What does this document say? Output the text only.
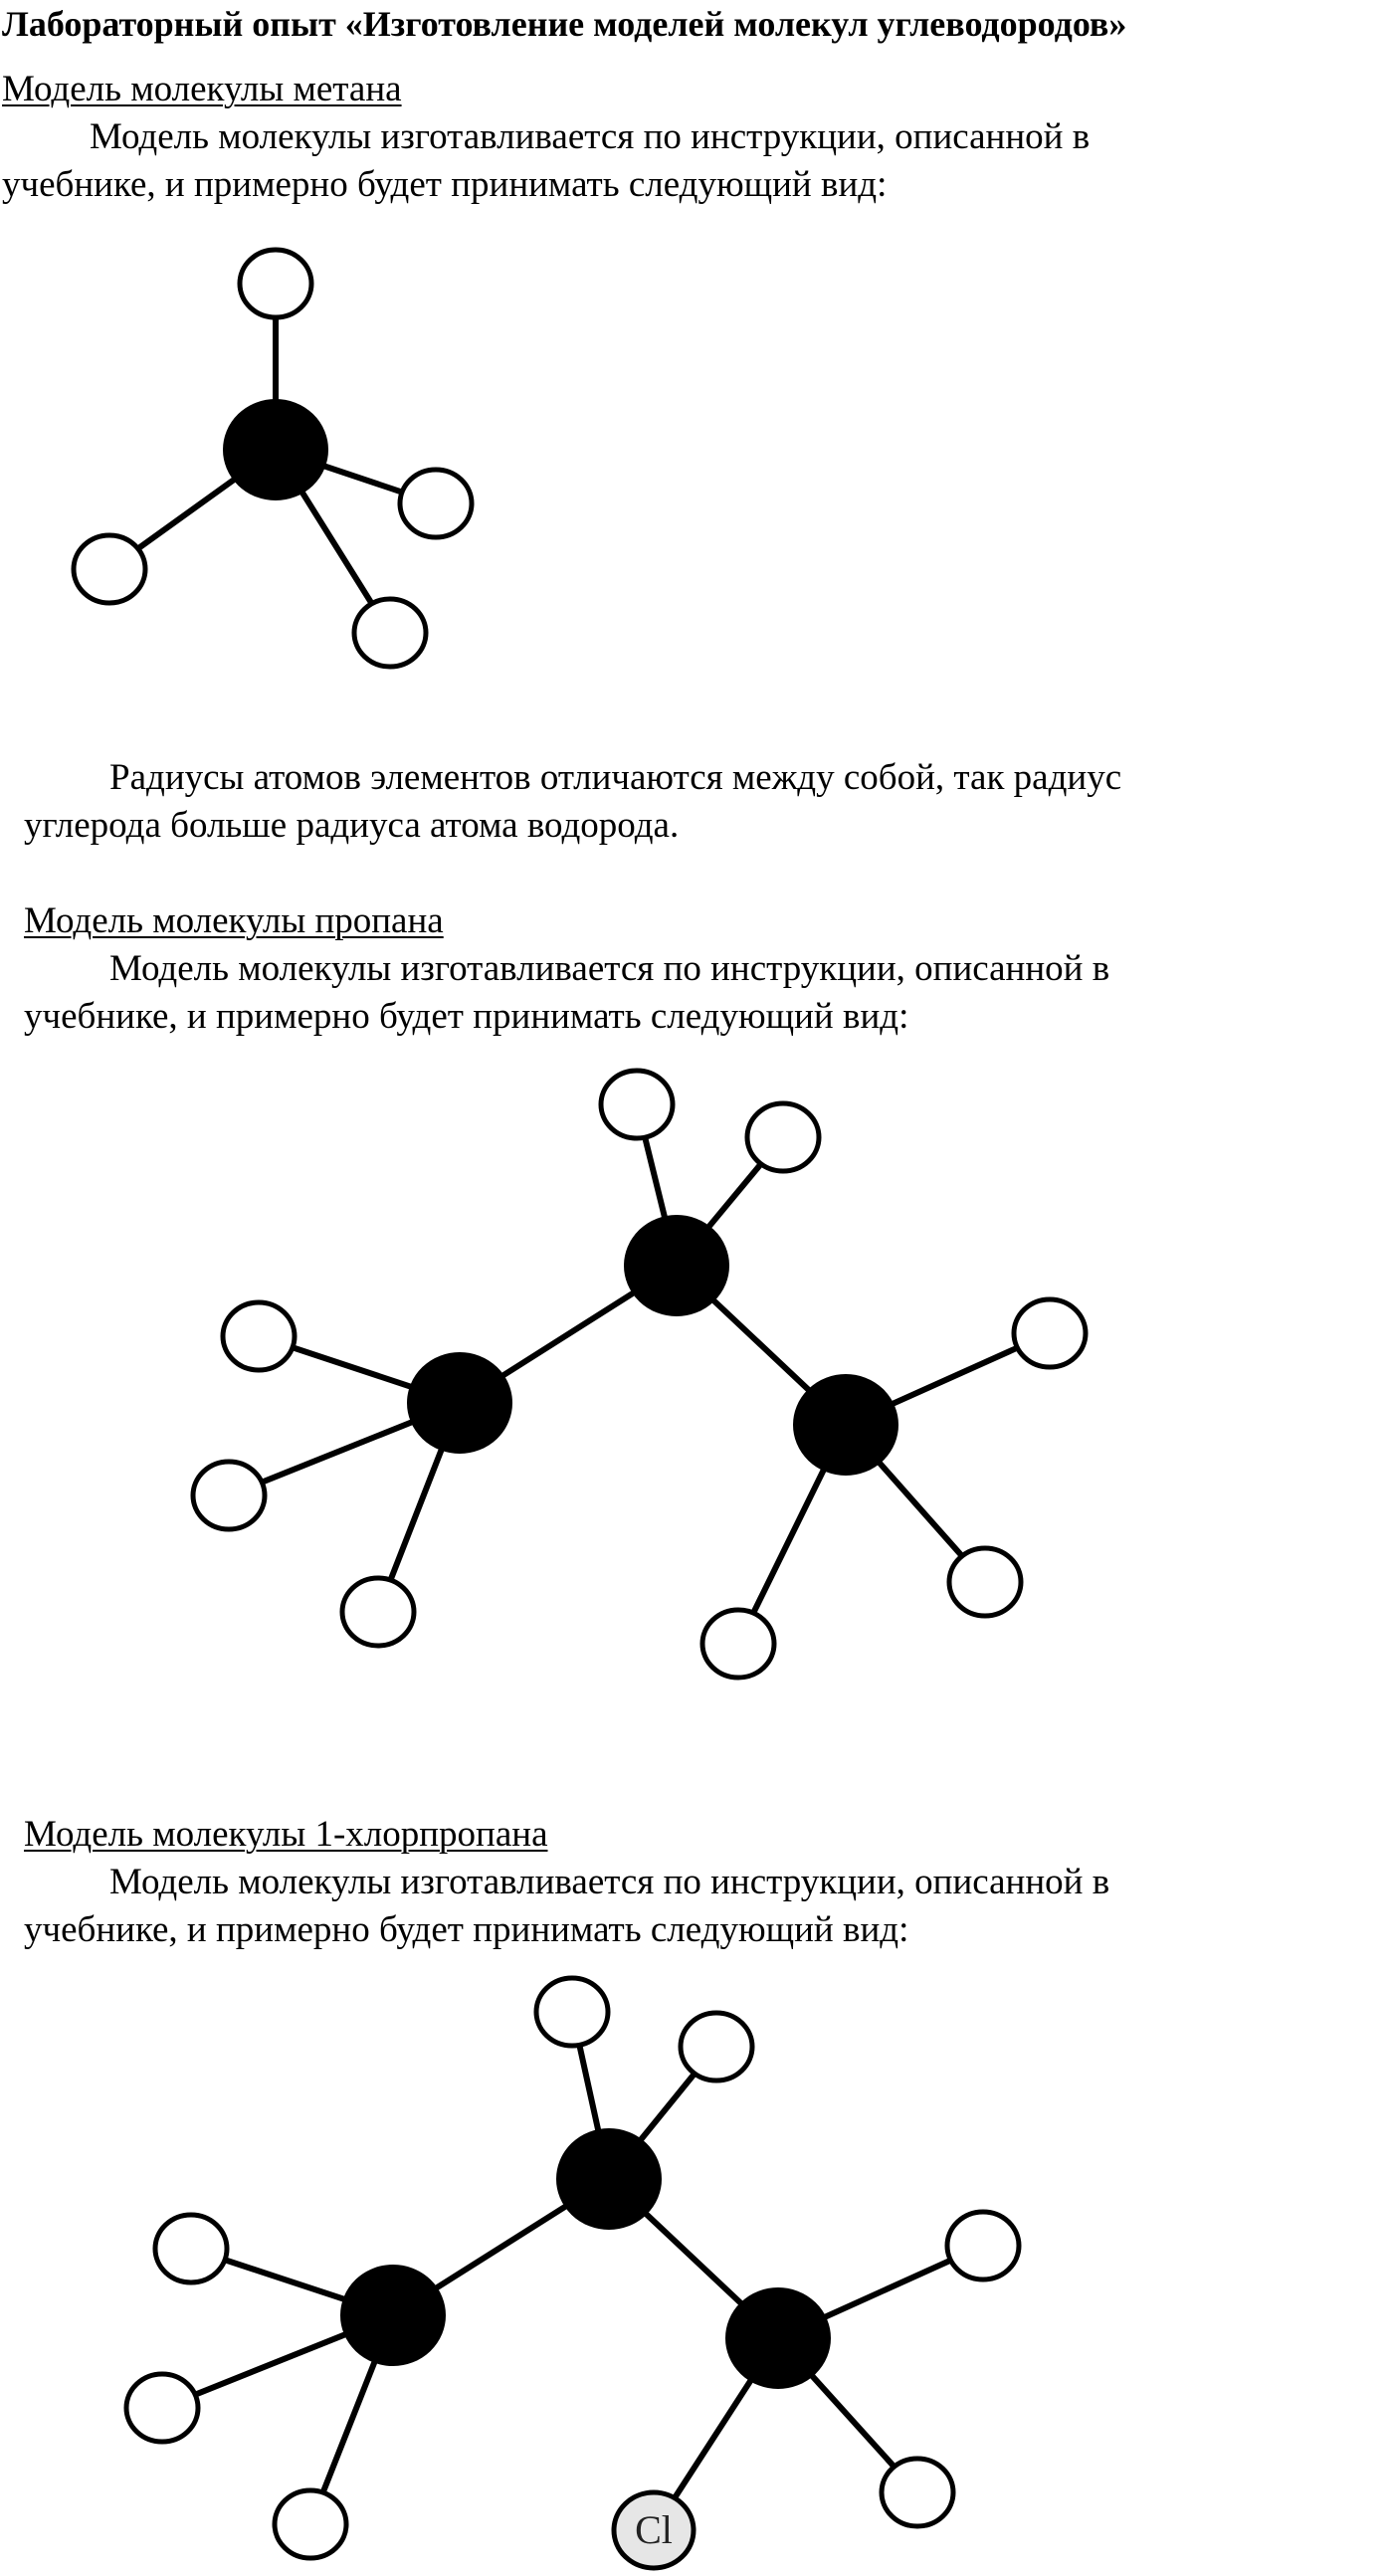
Лабораторный опыт «Изготовление моделей молекул углеводородов»

Модель молекулы метана

Модель молекулы изготавливается по инструкции, описанной в
учебнике, и примерно будет принимать следующий вид:

Радиусы атомов элементов отличаются между собой, так радиус
углерода больше радиуса атома водорода.

Модель молекулы пропана

Модель молекулы изготавливается по инструкции, описанной в
учебнике, и примерно будет принимать следующий вид:

Модель молекулы 1-хлорпропана

Модель молекулы изготавливается по инструкции, описанной в
учебнике, и примерно будет принимать следующий вид:

Cl
